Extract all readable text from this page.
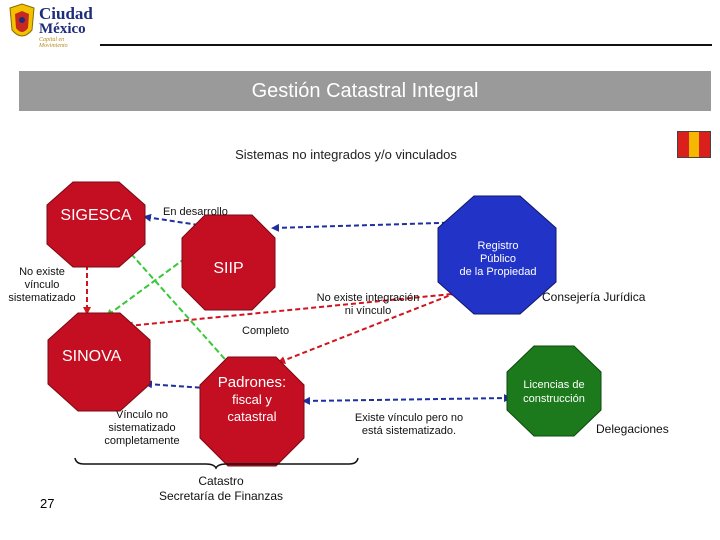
Ciudad
México
Capital en Movimiento
Gestión Catastral Integral
Sistemas no integrados y/o vinculados
SIGESCA
SIIP
SINOVA
Padrones:
fiscal y
catastral
Registro
Público
de la Propiedad
Licencias de
construcción
En desarrollo
No existe
vínculo
sistematizado	No existe integración
ni vínculo
Consejería Jurídica
Completo
Vínculo no
sistematizado
completamente
Existe vínculo pero no
está sistematizado.	Delegaciones
Catastro
Secretaría de Finanzas
27
